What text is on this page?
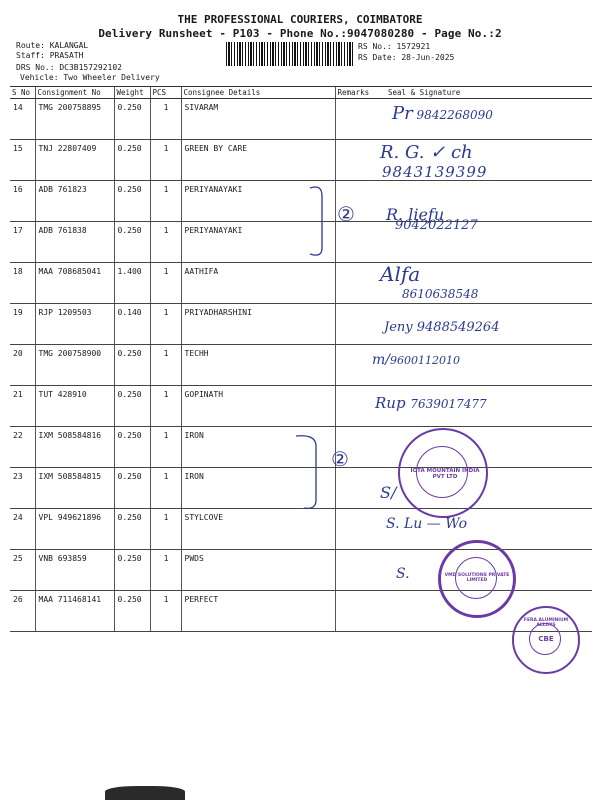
THE PROFESSIONAL COURIERS, COIMBATORE
Delivery Runsheet - P103 - Phone No.:9047080280 - Page No.:2
Route: KALANGAL
Staff: PRASATH
DRS No.: DC3B157292102
Vehicle: Two Wheeler Delivery
RS No.: 1572921
RS Date: 28-Jun-2025
S No	Consignment No	Weight	PCS	Consignee Details	Remarks	Seal & Signature
14	TMG 200758895	0.250	1	SIVARAM		
15	TNJ 22807409	0.250	1	GREEN BY CARE		
16	ADB 761823	0.250	1	PERIYANAYAKI		
17	ADB 761838	0.250	1	PERIYANAYAKI		
18	MAA 708685041	1.400	1	AATHIFA		
19	RJP 1209503	0.140	1	PRIYADHARSHINI		
20	TMG 200758900	0.250	1	TECHH		
21	TUT 428910	0.250	1	GOPINATH		
22	IXM 508584816	0.250	1	IRON		
23	IXM 508584815	0.250	1	IRON		
24	VPL 949621896	0.250	1	STYLCOVE		
25	VNB 693859	0.250	1	PWDS		
26	MAA 711468141	0.250	1	PERFECT		
Pr 9842268090
R. G. ✓ ch
9843139399
② R. liefu
9042022127
Alfa
8610638548
Jeny 9488549264
m/9600112010
Rup 7639017477
②	IOTA MOUNTAIN INDIA PVT LTD
S/
S. Lu — Wo
VMD SOLUTIONS PRIVATE LIMITED
S.
FERA ALUMINIUM ALLOYS
CBE
